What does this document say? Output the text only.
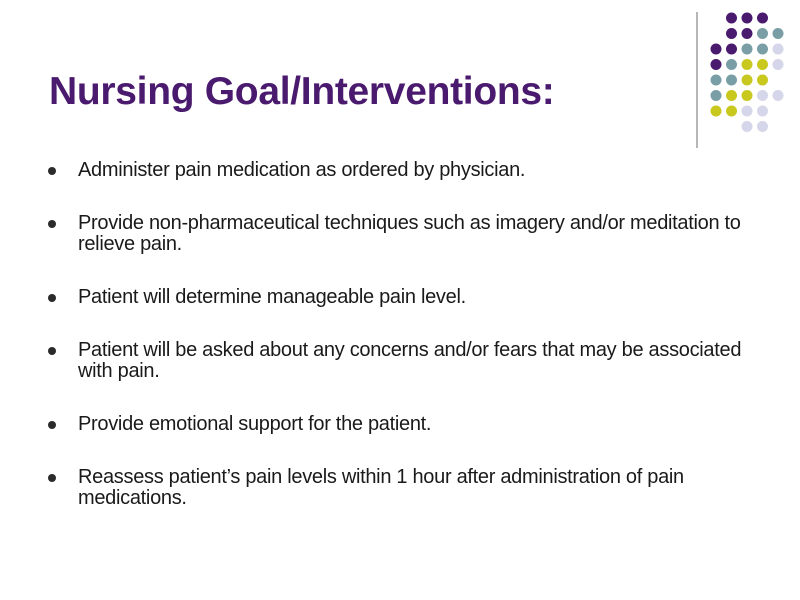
Nursing Goal/Interventions:
Administer pain medication as ordered by physician.
Provide non-pharmaceutical techniques such as imagery and/or meditation to relieve pain.
Patient will determine manageable pain level.
Patient will be asked about any concerns and/or fears that may be associated with pain.
Provide emotional support for the patient.
Reassess patient’s pain levels within 1 hour after administration of pain medications.
